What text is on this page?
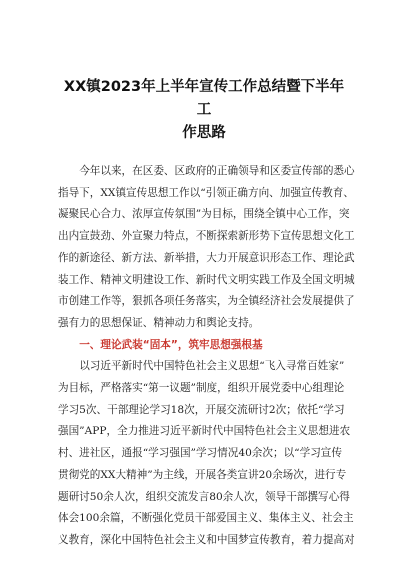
XX镇2023年上半年宣传工作总结暨下半年工
作思路

今年以来，在区委、区政府的正确领导和区委宣传部的悉心
指导下，XX镇宣传思想工作以“引领正确方向、加强宣传教育、
凝聚民心合力、浓厚宣传氛围”为目标，围绕全镇中心工作，突
出内宣鼓劲、外宣聚力特点，不断探索新形势下宣传思想文化工
作的新途径、新方法、新举措，大力开展意识形态工作、理论武
装工作、精神文明建设工作、新时代文明实践工作及全国文明城
市创建工作等，狠抓各项任务落实，为全镇经济社会发展提供了
强有力的思想保证、精神动力和舆论支持。

一、理论武装“固本”，筑牢思想强根基

以习近平新时代中国特色社会主义思想“飞入寻常百姓家”
为目标，严格落实“第一议题”制度，组织开展党委中心组理论
学习5次、干部理论学习18次，开展交流研讨2次；依托“学习
强国”APP，全力推进习近平新时代中国特色社会主义思想进农
村、进社区，通报“学习强国”学习情况40余次；以“学习宣传
贯彻党的XX大精神”为主线，开展各类宣讲20余场次，进行专
题研讨50余人次，组织交流发言80余人次，领导干部撰写心得
体会100余篇，不断强化党员干部爱国主义、集体主义、社会主
义教育，深化中国特色社会主义和中国梦宣传教育，着力提高对
